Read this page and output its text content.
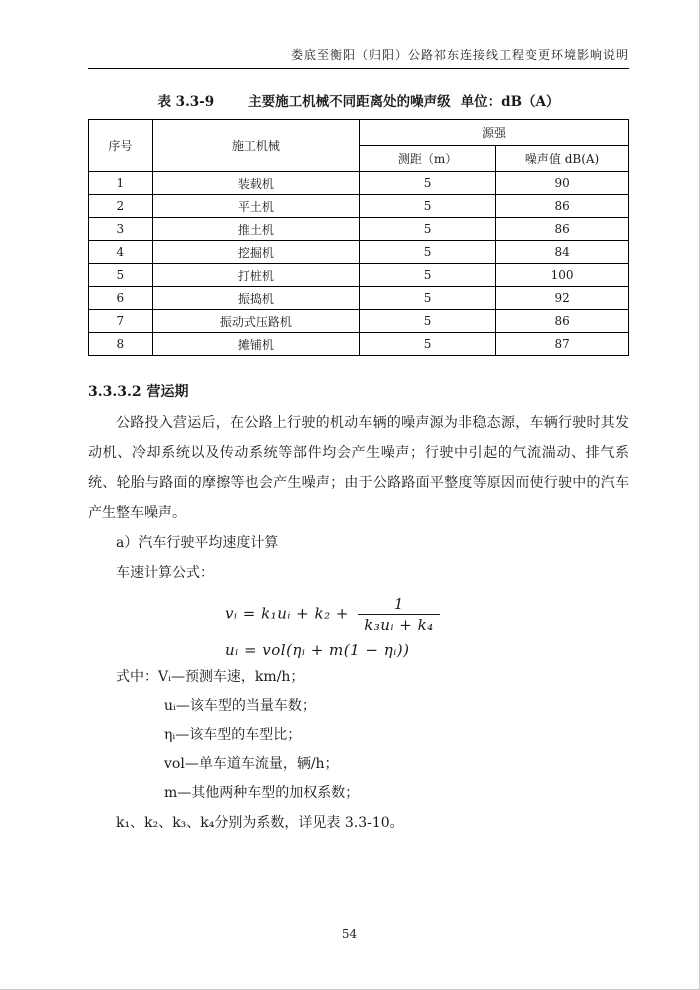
娄底至衡阳（归阳）公路祁东连接线工程变更环境影响说明
表 3.3-9	主要施工机械不同距离处的噪声级 单位：dB（A）
序号	施工机械	源强	
		测距（m）	噪声值 dB(A)
1	装载机	5	90
2	平土机	5	86
3	推土机	5	86
4	挖掘机	5	84
5	打桩机	5	100
6	振捣机	5	92
7	振动式压路机	5	86
8	摊铺机	5	87
3.3.3.2 营运期
公路投入营运后，在公路上行驶的机动车辆的噪声源为非稳态源，车辆行驶时其发动机、冷却系统以及传动系统等部件均会产生噪声；行驶中引起的气流湍动、排气系统、轮胎与路面的摩擦等也会产生噪声；由于公路路面平整度等原因而使行驶中的汽车产生整车噪声。
a）汽车行驶平均速度计算
车速计算公式：
vᵢ = k₁uᵢ + $k_2 + \frac{1}{\text{k₃uᵢ + k₄}}$
uᵢ = vol(ηᵢ + m(1 − ηᵢ))
式中：Vᵢ—预测车速，km/h；
uᵢ—该车型的当量车数；
ηᵢ—该车型的车型比；
vol—单车道车流量，辆/h；
m—其他两种车型的加权系数；
k₁、k₂、k₃、k₄分别为系数，详见表 3.3-10。
54
